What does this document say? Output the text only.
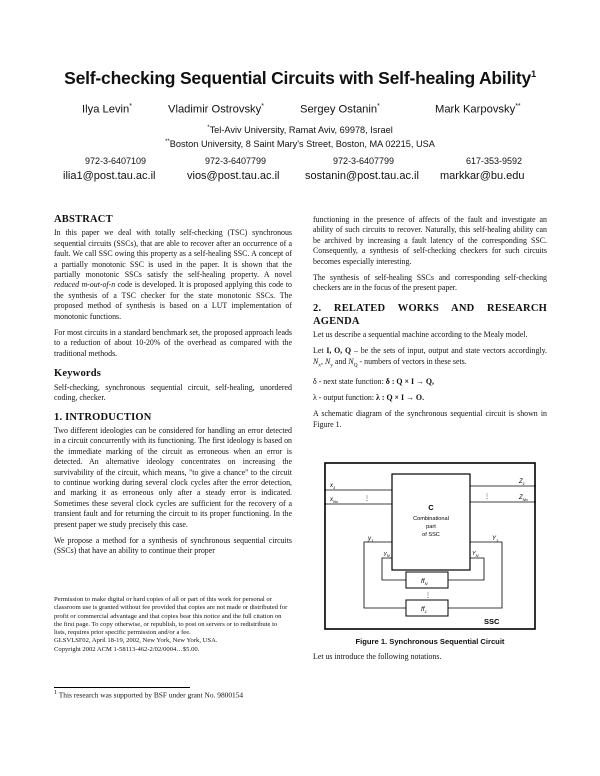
Self-checking Sequential Circuits with Self-healing Ability$^1$
Ilya Levin*	Vladimir Ostrovsky*	Sergey Ostanin*	Mark Karpovsky**
*Tel-Aviv University, Ramat Aviv, 69978, Israel
**Boston University, 8 Saint Mary's Street, Boston, MA 02215, USA
972-3-6407109	972-3-6407799	972-3-6407799	617-353-9592
ilia1@post.tau.ac.il	vios@post.tau.ac.il sostanin@post.tau.ac.il markkar@bu.edu
ABSTRACT

In this paper we deal with totally self-checking (TSC) synchronous sequential circuits (SSCs), that are able to recover after an occurrence of a fault. We call SSC owing this property as a self-healing SSC. A concept of a partially monotonic SSC is used in the paper. It is shown that the partially monotonic SSCs satisfy the self-healing property. A novel reduced m-out-of-n code is developed. It is proposed applying this code to the synthesis of a TSC checker for the state monotonic SSCs. The proposed method of synthesis is based on a LUT implementation of monotonic functions.

For most circuits in a standard benchmark set, the proposed approach leads to a reduction of about 10-20% of the overhead as compared with the traditional methods.

Keywords

Self-checking, synchronous sequential circuit, self-healing, unordered coding, checker.

1. INTRODUCTION

Two different ideologies can be considered for handling an error detected in a circuit concurrently with its functioning. The first ideology is based on the immediate marking of the circuit as erroneous when an error is detected. An alternative ideology concentrates on increasing the survivability of the circuit, which means, "to give a chance" to the circuit to continue working during several clock cycles after the error detection, and marking it as erroneous only after a steady error is indicated. Sometimes these several clock cycles are sufficient for the recovery of a transient fault and for returning the circuit to its proper functioning. In the present paper we study precisely this case.

We propose a method for a synthesis of synchronous sequential circuits (SSCs) that have an ability to continue their proper

Permission to make digital or hard copies of all or part of this work for personal or classroom use is granted without fee provided that copies are not made or distributed for profit or commercial advantage and that copies bear this notice and the full citation on the first page. To copy otherwise, or republish, to post on servers or to redistribute to lists, requires prior specific permission and/or a fee.
GLSVLSI'02, April 18-19, 2002, New York, New York, USA.
Copyright 2002 ACM 1-58113-462-2/02/0004…$5.00.
$^1$ This research was supported by BSF under grant No. 9800154

functioning in the presence of affects of the fault and investigate an ability of such circuits to recover. Naturally, this self-healing ability can be archived by increasing a fault latency of the corresponding SSC. Consequently, a synthesis of self-checking checkers for such circuits becomes especially interesting.

The synthesis of self-healing SSCs and corresponding self-checking checkers are in the focus of the present paper.

2. RELATED WORKS AND RESEARCH AGENDA

Let us describe a sequential machine according to the Mealy model.

Let I, O, Q – be the sets of input, output and state vectors accordingly. $N_x$, $N_y$ and $N_Q$ - numbers of vectors in these sets.

δ - next state function: δ : Q × I → Q,

λ - output function: λ : Q × I → O.

A schematic diagram of the synchronous sequential circuit is shown in Figure 1.

C
Combinational
part
of SSC
$x_1$
$x_{Nx}$	⋮
$Z_1$
$Z_{No}$
⋮
$y_1$
$y_N$
$Y_1$
$Y_N$
$ff_N$
$ff_1$
⋮
SSC
Figure 1. Synchronous Sequential Circuit
Let us introduce the following notations.
